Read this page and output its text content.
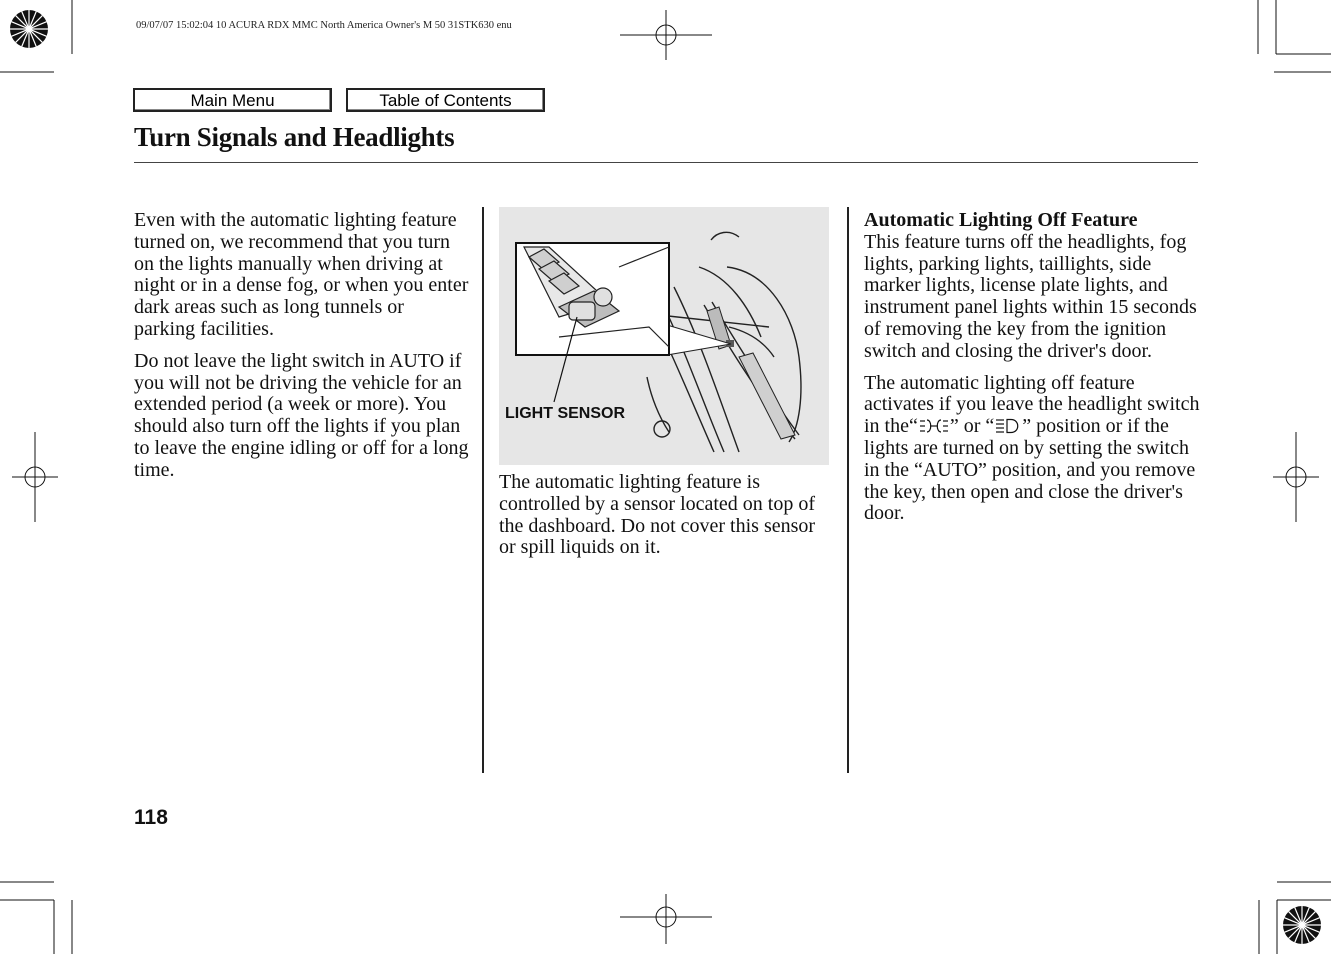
09/07/07 15:02:04 10 ACURA RDX MMC North America Owner's M 50 31STK630 enu
Main Menu	Table of Contents
Turn Signals and Headlights

Even with the automatic lighting feature turned on, we recommend that you turn on the lights manually when driving at night or in a dense fog, or when you enter dark areas such as long tunnels or parking facilities.

Do not leave the light switch in AUTO if you will not be driving the vehicle for an extended period (a week or more). You should also turn off the lights if you plan to leave the engine idling or off for a long time.

LIGHT SENSOR

The automatic lighting feature is controlled by a sensor located on top of the dashboard. Do not cover this sensor or spill liquids on it.

Automatic Lighting Off Feature

This feature turns off the headlights, fog lights, parking lights, taillights, side marker lights, license plate lights, and instrument panel lights within 15 seconds of removing the key from the ignition switch and closing the driver's door.

The automatic lighting off feature activates if you leave the headlight switch in the“ ” or “ ” position or if the lights are turned on by setting the switch in the “AUTO” position, and you remove the key, then open and close the driver's door.

118
